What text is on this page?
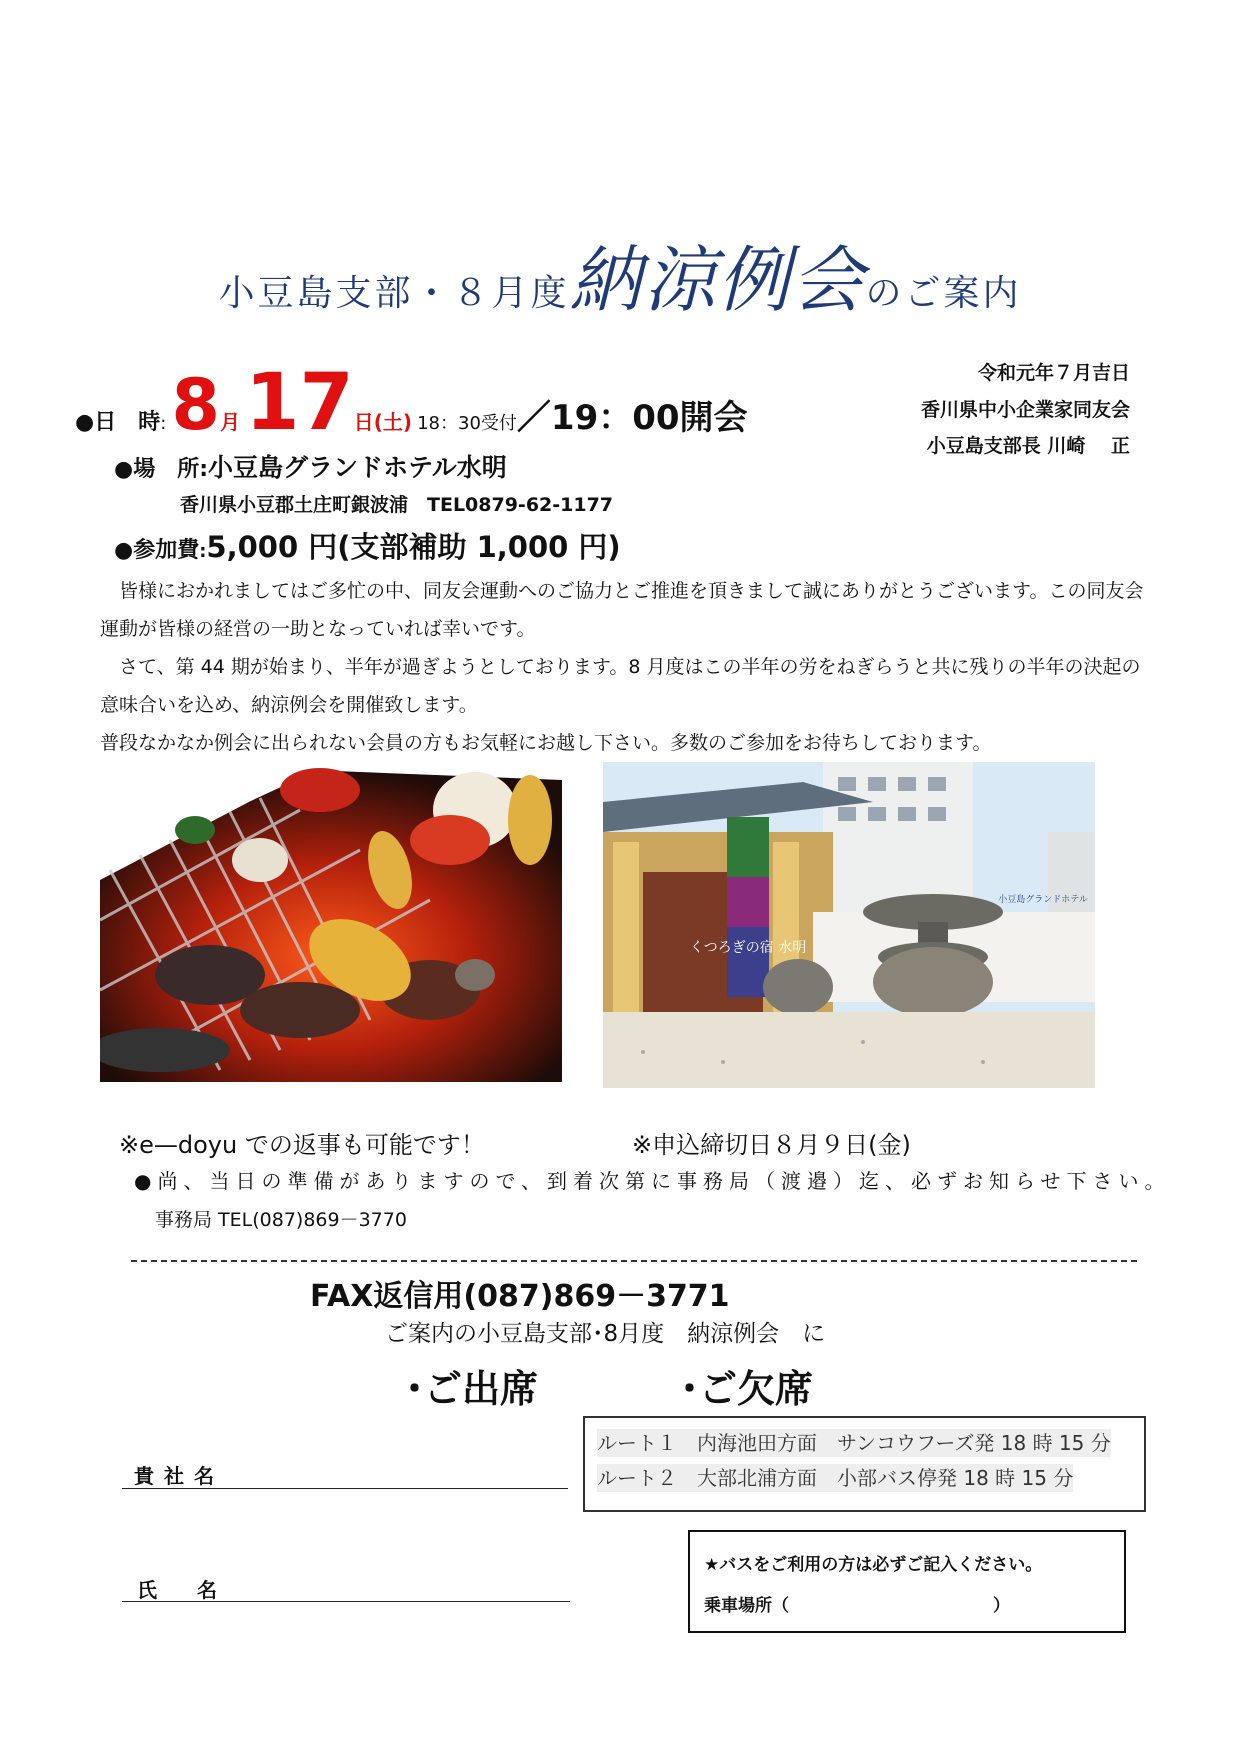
小豆島支部・８月度納涼例会のご案内
令和元年７月吉日
香川県中小企業家同友会
小豆島支部長 川崎　 正
●日　時: 8月 17日(土) 18：30受付／19：00開会
●場　所:小豆島グランドホテル水明
香川県小豆郡土庄町銀波浦　TEL0879-62-1177
●参加費:5,000 円(支部補助 1,000 円)

　皆様におかれましてはご多忙の中、同友会運動へのご協力とご推進を頂きまして誠にありがとうございます。この同友会運動が皆様の経営の一助となっていれば幸いです。

　さて、第 44 期が始まり、半年が過ぎようとしております。8 月度はこの半年の労をねぎらうと共に残りの半年の決起の意味合いを込め、納涼例会を開催致します。

普段なかなか例会に出られない会員の方もお気軽にお越し下さい。多数のご参加をお待ちしております。

くつろぎの宿 水明
小豆島グランドホテル
※e—doyu での返事も可能です！	※申込締切日８月９日(金)
●尚、当日の準備がありますので、到着次第に事務局（渡邉）迄、必ずお知らせ下さい。
事務局 TEL(087)869－3770
FAX返信用(087)869－3771
ご案内の小豆島支部･8月度　納涼例会　に
･ご出席	･ご欠席
ルート１　内海池田方面　サンコウフーズ発 18 時 15 分
ルート２　大部北浦方面　小部バス停発 18 時 15 分
貴社名
氏　名
★バスをご利用の方は必ずご記入ください。
乗車場所（　　　　　　　　　　　　）
